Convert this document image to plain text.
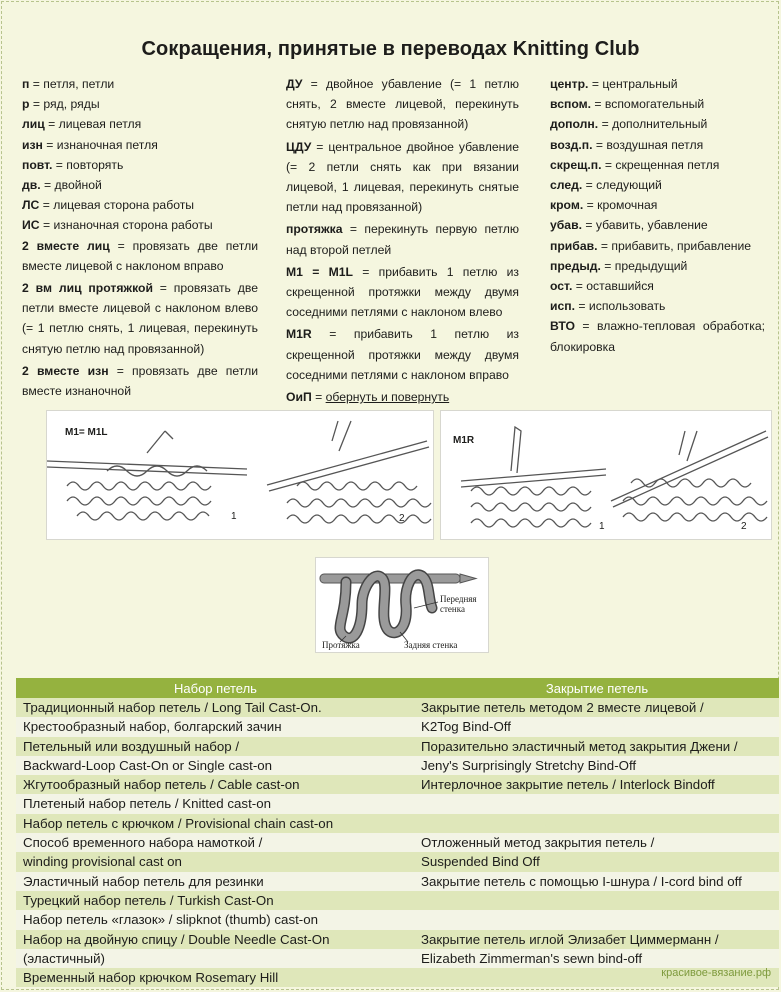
Сокращения, принятые в переводах Knitting Club

п = петля, петли

р = ряд, ряды

лиц = лицевая петля

изн = изнаночная петля

повт. = повторять

дв. = двойной

ЛС = лицевая сторона работы

ИС = изнаночная сторона работы

2 вместе лиц = провязать две петли вместе лицевой с наклоном вправо

2 вм лиц протяжкой = провязать две петли вместе лицевой с наклоном влево (= 1 петлю снять, 1 лицевая, перекинуть снятую петлю над провязанной)

2 вместе изн = провязать две петли вместе изнаночной

ДУ = двойное убавление (= 1 петлю снять, 2 вместе лицевой, перекинуть снятую петлю над провязанной)

ЦДУ = центральное двойное убавление (= 2 петли снять как при вязании лицевой, 1 лицевая, перекинуть снятые петли над провязанной)

протяжка = перекинуть первую петлю над второй петлей

M1 = M1L = прибавить 1 петлю из скрещенной протяжки между двумя соседними петлями с наклоном влево

M1R = прибавить 1 петлю из скрещенной протяжки между двумя соседними петлями с наклоном вправо

ОиП = обернуть и повернуть

центр. = центральный

вспом. = вспомогательный

дополн. = дополнительный

возд.п. = воздушная петля

скрещ.п. = скрещенная петля

след. = следующий

кром. = кромочная

убав. = убавить, убавление

прибав. = прибавить, прибавление

предыд. = предыдущий

ост. = оставшийся

исп. = использовать

ВТО = влажно-тепловая обработка; блокировка

M1= M1L
1	2
M1R
1	2
Передняя
стенка
Задняя стенка
Протяжка
Набор петель	Закрытие петель
Традиционный набор петель / Long Tail Cast-On.	Закрытие петель методом 2 вместе лицевой /
Крестообразный набор, болгарский зачин	K2Tog Bind-Off
Петельный или воздушный набор /	Поразительно эластичный метод закрытия Джени /
Backward-Loop Cast-On or Single cast-on	Jeny's Surprisingly Stretchy Bind-Off
Жгутообразный набор петель / Cable cast-on	Интерлочное закрытие петель / Interlock Bindoff
Плетеный набор петель / Knitted cast-on	
Набор петель с крючком / Provisional chain cast-on	
Способ временного набора намоткой /	Отложенный метод закрытия петель /
winding provisional cast on	Suspended Bind Off
Эластичный набор петель для резинки	Закрытие петель с помощью I-шнура / I-cord bind off
Турецкий набор петель / Turkish Cast-On	
Набор петель «глазок» / slipknot (thumb) cast-on	
Набор на двойную спицу / Double Needle Cast-On	Закрытие петель иглой Элизабет Циммерманн /
(эластичный)	Elizabeth Zimmerman's sewn bind-off
Временный набор крючком Rosemary Hill		красивое-вязание.рф
